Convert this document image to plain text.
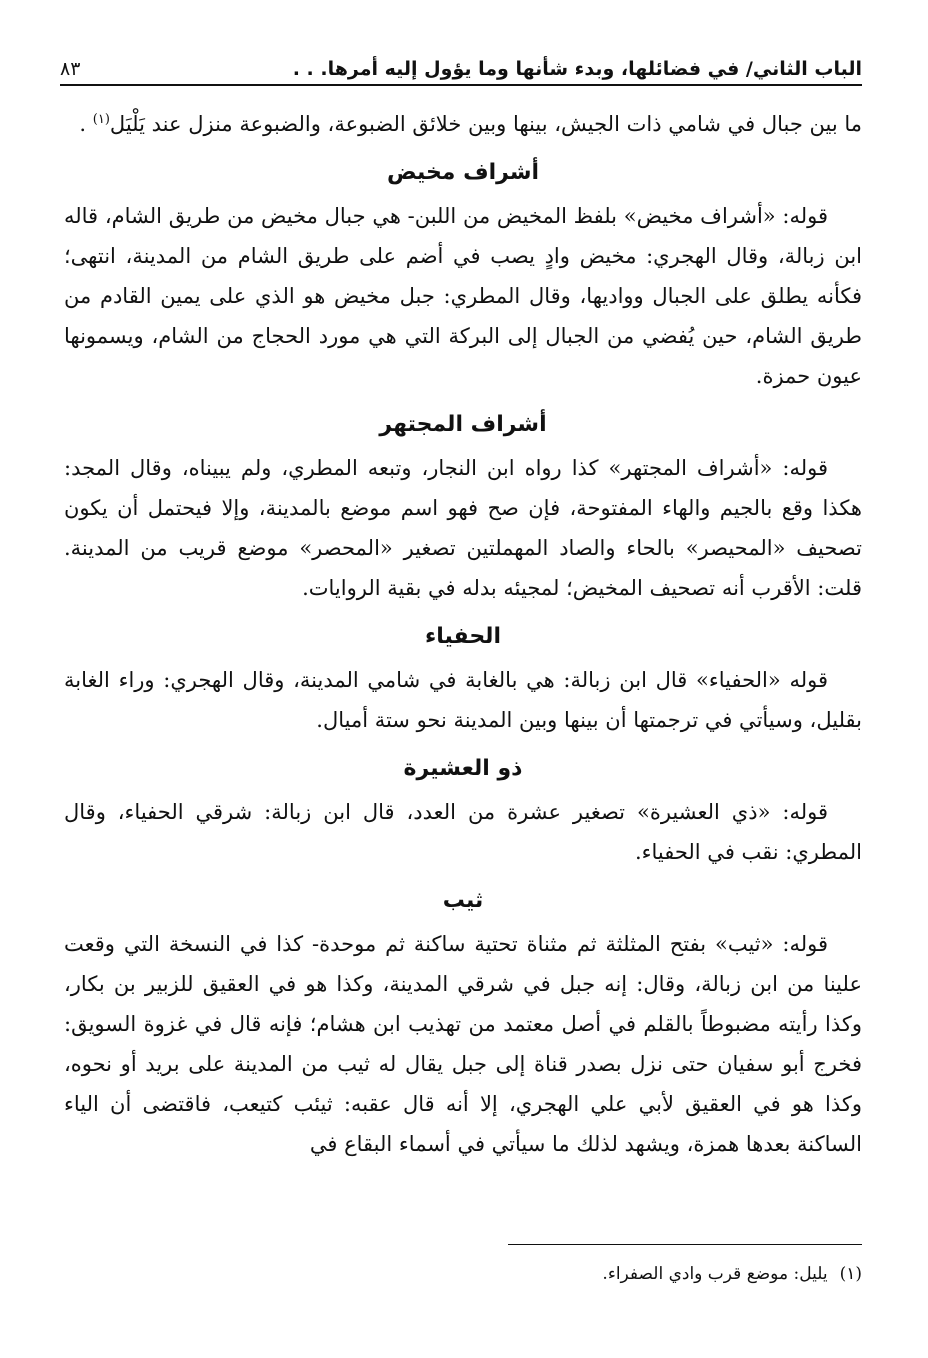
الباب الثاني/ في فضائلها، وبدء شأنها وما يؤول إليه أمرها. . .
٨٣

ما بين جبال في شامي ذات الجيش، بينها وبين خلائق الضبوعة، والضبوعة منزل عند يَلْيَل$^{(١)}$ .

أشراف مخيض

قوله: «أشراف مخيض» بلفظ المخيض من اللبن- هي جبال مخيض من طريق الشام، قاله ابن زبالة، وقال الهجري: مخيض وادٍ يصب في أضم على طريق الشام من المدينة، انتهى؛ فكأنه يطلق على الجبال وواديها، وقال المطري: جبل مخيض هو الذي على يمين القادم من طريق الشام، حين يُفضي من الجبال إلى البركة التي هي مورد الحجاج من الشام، ويسمونها عيون حمزة.

أشراف المجتهر

قوله: «أشراف المجتهر» كذا رواه ابن النجار، وتبعه المطري، ولم يبيناه، وقال المجد: هكذا وقع بالجيم والهاء المفتوحة، فإن صح فهو اسم موضع بالمدينة، وإلا فيحتمل أن يكون تصحيف «المحيصر» بالحاء والصاد المهملتين تصغير «المحصر» موضع قريب من المدينة. قلت: الأقرب أنه تصحيف المخيض؛ لمجيئه بدله في بقية الروايات.

الحفياء

قوله «الحفياء» قال ابن زبالة: هي بالغابة في شامي المدينة، وقال الهجري: وراء الغابة بقليل، وسيأتي في ترجمتها أن بينها وبين المدينة نحو ستة أميال.

ذو العشيرة

قوله: «ذي العشيرة» تصغير عشرة من العدد، قال ابن زبالة: شرقي الحفياء، وقال المطري: نقب في الحفياء.

ثيب

قوله: «ثيب» بفتح المثلثة ثم مثناة تحتية ساكنة ثم موحدة- كذا في النسخة التي وقعت علينا من ابن زبالة، وقال: إنه جبل في شرقي المدينة، وكذا هو في العقيق للزبير بن بكار، وكذا رأيته مضبوطاً بالقلم في أصل معتمد من تهذيب ابن هشام؛ فإنه قال في غزوة السويق: فخرج أبو سفيان حتى نزل بصدر قناة إلى جبل يقال له ثيب من المدينة على بريد أو نحوه، وكذا هو في العقيق لأبي علي الهجري، إلا أنه قال عقبه: ثيئب كتيعب، فاقتضى أن الياء الساكنة بعدها همزة، ويشهد لذلك ما سيأتي في أسماء البقاع في

(١)يليل: موضع قرب وادي الصفراء.
